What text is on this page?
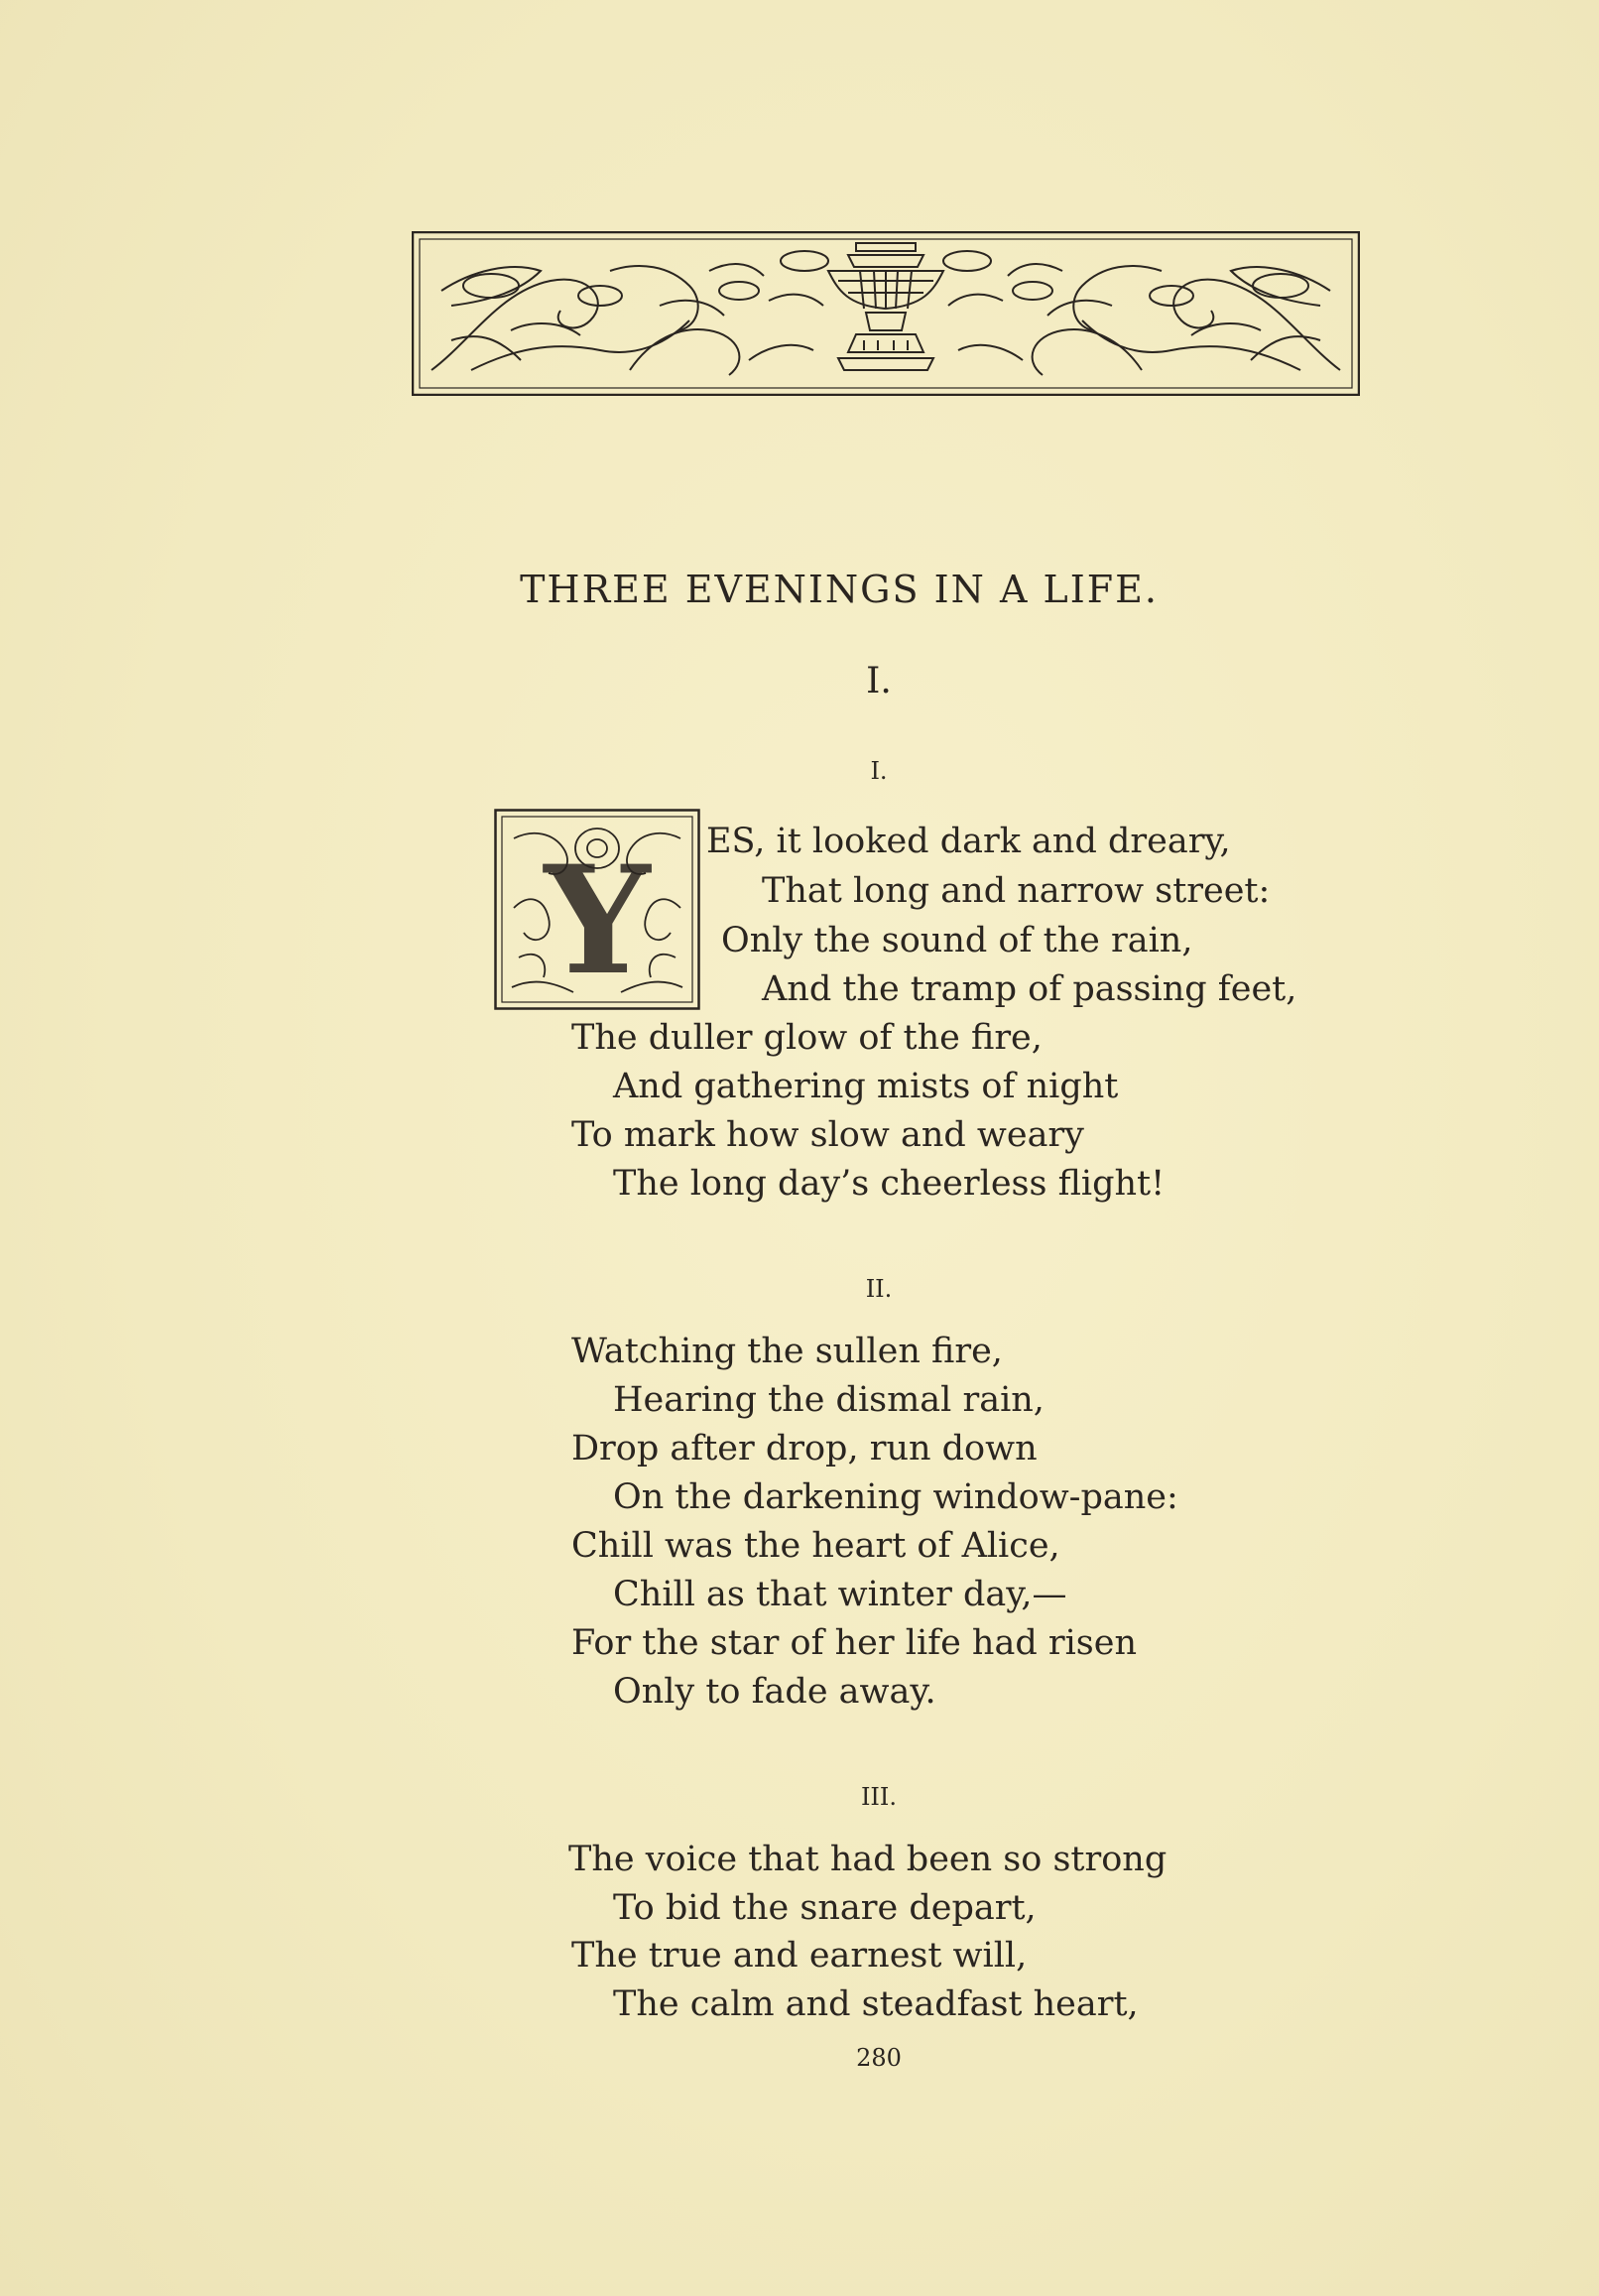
THREE EVENINGS IN A LIFE.
I.
I.
Y ES, it looked dark and dreary,
That long and narrow street:
Only the sound of the rain,
And the tramp of passing feet,
The duller glow of the fire,
And gathering mists of night
To mark how slow and weary
The long day’s cheerless flight!
II.
Watching the sullen fire,
Hearing the dismal rain,
Drop after drop, run down
On the darkening window-pane:
Chill was the heart of Alice,
Chill as that winter day,—
For the star of her life had risen
Only to fade away.
III.
The voice that had been so strong
To bid the snare depart,
The true and earnest will,
The calm and steadfast heart,
280
